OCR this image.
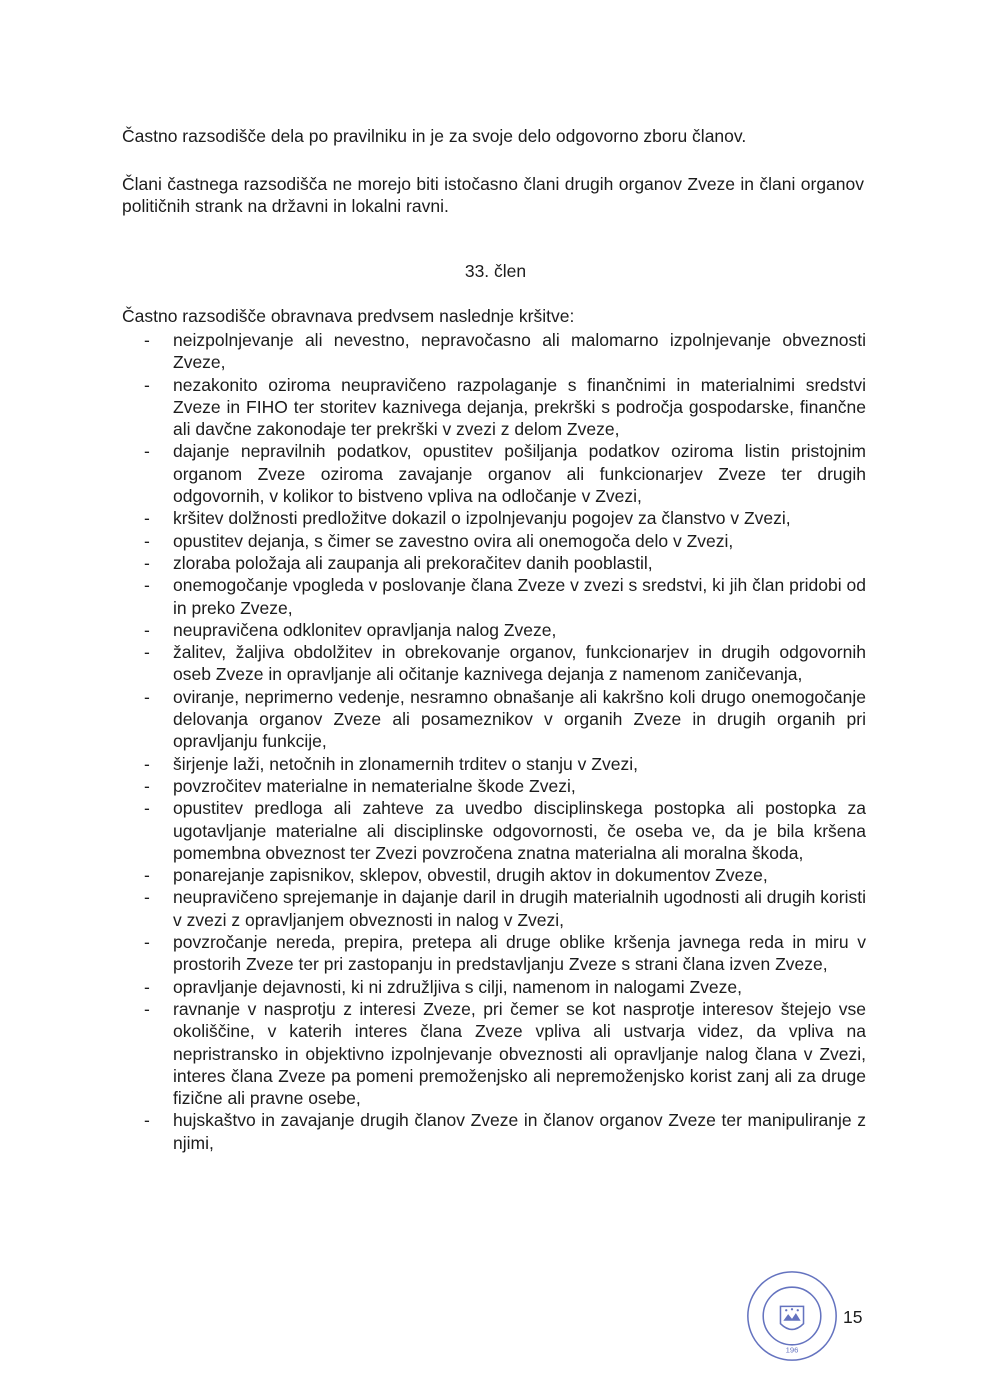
Častno razsodišče dela po pravilniku in je za svoje delo odgovorno zboru članov.

Člani častnega razsodišča ne morejo biti istočasno člani drugih organov Zveze in člani organov političnih strank na državni in lokalni ravni.

33. člen

Častno razsodišče obravnava predvsem naslednje kršitve:

- neizpolnjevanje ali nevestno, nepravočasno ali malomarno izpolnjevanje obveznosti Zveze,
- nezakonito oziroma neupravičeno razpolaganje s finančnimi in materialnimi sredstvi Zveze in FIHO ter storitev kaznivega dejanja, prekrški s področja gospodarske, finančne ali davčne zakonodaje ter prekrški v zvezi z delom Zveze,
- dajanje nepravilnih podatkov, opustitev pošiljanja podatkov oziroma listin pristojnim organom Zveze oziroma zavajanje organov ali funkcionarjev Zveze ter drugih odgovornih, v kolikor to bistveno vpliva na odločanje v Zvezi,
- kršitev dolžnosti predložitve dokazil o izpolnjevanju pogojev za članstvo v Zvezi,
- opustitev dejanja, s čimer se zavestno ovira ali onemogoča delo v Zvezi,
- zloraba položaja ali zaupanja ali prekoračitev danih pooblastil,
- onemogočanje vpogleda v poslovanje člana Zveze v zvezi s sredstvi, ki jih član pridobi od in preko Zveze,
- neupravičena odklonitev opravljanja nalog Zveze,
- žalitev, žaljiva obdolžitev in obrekovanje organov, funkcionarjev in drugih odgovornih oseb Zveze in opravljanje ali očitanje kaznivega dejanja z namenom zaničevanja,
- oviranje, neprimerno vedenje, nesramno obnašanje ali kakršno koli drugo onemogočanje delovanja organov Zveze ali posameznikov v organih Zveze in drugih organih pri opravljanju funkcije,
- širjenje laži, netočnih in zlonamernih trditev o stanju v Zvezi,
- povzročitev materialne in nematerialne škode Zvezi,
- opustitev predloga ali zahteve za uvedbo disciplinskega postopka ali postopka za ugotavljanje materialne ali disciplinske odgovornosti, če oseba ve, da je bila kršena pomembna obveznost ter Zvezi povzročena znatna materialna ali moralna škoda,
- ponarejanje zapisnikov, sklepov, obvestil, drugih aktov in dokumentov Zveze,
- neupravičeno sprejemanje in dajanje daril in drugih materialnih ugodnosti ali drugih koristi v zvezi z opravljanjem obveznosti in nalog v Zvezi,
- povzročanje nereda, prepira, pretepa ali druge oblike kršenja javnega reda in miru v prostorih Zveze ter pri zastopanju in predstavljanju Zveze s strani člana izven Zveze,
- opravljanje dejavnosti, ki ni združljiva s cilji, namenom in nalogami Zveze,
- ravnanje v nasprotju z interesi Zveze, pri čemer se kot nasprotje interesov štejejo vse okoliščine, v katerih interes člana Zveze vpliva ali ustvarja videz, da vpliva na nepristransko in objektivno izpolnjevanje obveznosti ali opravljanje nalog člana v Zvezi, interes člana Zveze pa pomeni premoženjsko ali nepremoženjsko korist zanj ali za druge fizične ali pravne osebe,
- hujskaštvo in zavajanje drugih članov Zveze in članov organov Zveze ter manipuliranje z njimi,
196
15
